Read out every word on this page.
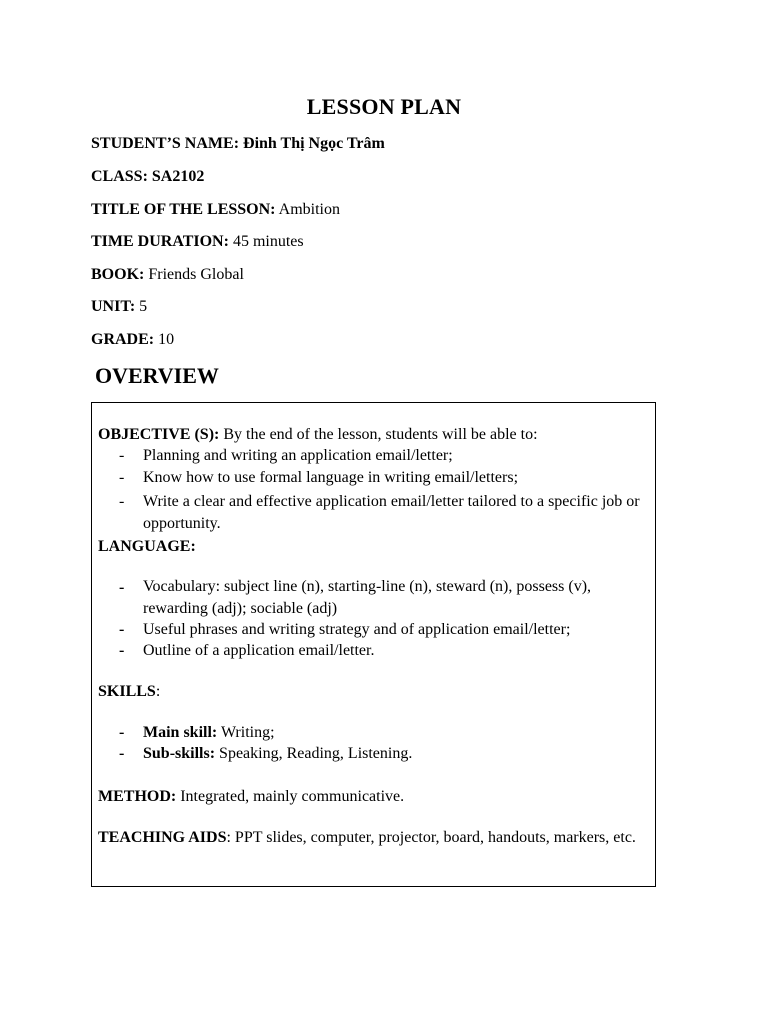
LESSON PLAN
STUDENT’S NAME: Đinh Thị Ngọc Trâm
CLASS: SA2102
TITLE OF THE LESSON: Ambition
TIME DURATION: 45 minutes
BOOK: Friends Global
UNIT: 5
GRADE: 10
OVERVIEW
OBJECTIVE (S): By the end of the lesson, students will be able to:
- Planning and writing an application email/letter;
- Know how to use formal language in writing email/letters;
- Write a clear and effective application email/letter tailored to a specific job or opportunity.
LANGUAGE:
- Vocabulary: subject line (n), starting-line (n), steward (n), possess (v), rewarding (adj); sociable (adj)
- Useful phrases and writing strategy and of application email/letter;
- Outline of a application email/letter.
SKILLS:
- Main skill: Writing;
- Sub-skills: Speaking, Reading, Listening.
METHOD: Integrated, mainly communicative.
TEACHING AIDS: PPT slides, computer, projector, board, handouts, markers, etc.
